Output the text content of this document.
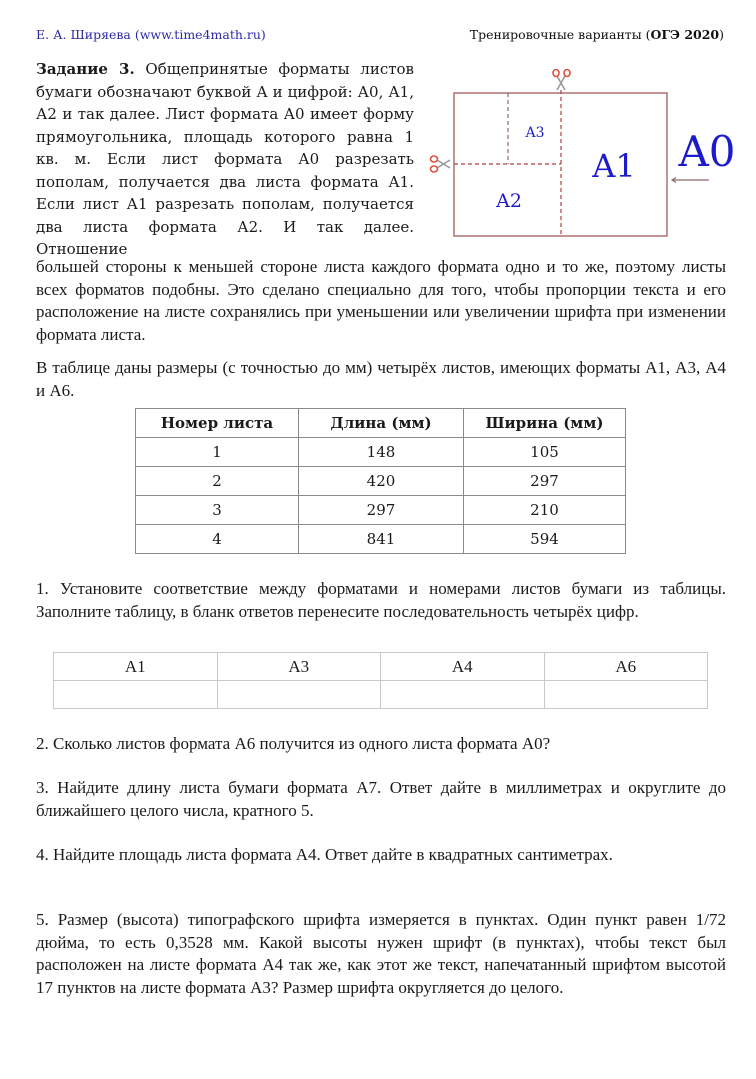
Е. А. Ширяева (www.time4math.ru)	Тренировочные варианты (ОГЭ 2020)
Задание 3. Общепринятые форматы листов бумаги обозначают буквой А и цифрой: А0, А1, А2 и так далее. Лист формата А0 имеет форму прямоугольника, площадь которого равна 1 кв. м. Если лист формата А0 разрезать пополам, получается два листа формата А1. Если лист А1 разрезать пополам, получается два листа формата А2. И так далее. Отношение
A3
A2
A1 A0
большей стороны к меньшей стороне листа каждого формата одно и то же, поэтому листы всех форматов подобны. Это сделано специально для того, чтобы пропорции текста и его расположение на листе сохранялись при уменьшении или увеличении шрифта при изменении формата листа.
В таблице даны размеры (с точностью до мм) четырёх листов, имеющих форматы А1, А3, А4 и А6.
Номер листа	Длина (мм)	Ширина (мм)
1	148	105
2	420	297
3	297	210
4	841	594
1. Установите соответствие между форматами и номерами листов бумаги из таблицы. Заполните таблицу, в бланк ответов перенесите последовательность четырёх цифр.
А1	А3	А4	А6

2. Сколько листов формата А6 получится из одного листа формата А0?
3. Найдите длину листа бумаги формата А7. Ответ дайте в миллиметрах и округлите до ближайшего целого числа, кратного 5.
4. Найдите площадь листа формата А4. Ответ дайте в квадратных сантиметрах.
5. Размер (высота) типографского шрифта измеряется в пунктах. Один пункт равен 1/72 дюйма, то есть 0,3528 мм. Какой высоты нужен шрифт (в пунктах), чтобы текст был расположен на листе формата А4 так же, как этот же текст, напечатанный шрифтом высотой 17 пунктов на листе формата А3? Размер шрифта округляется до целого.
